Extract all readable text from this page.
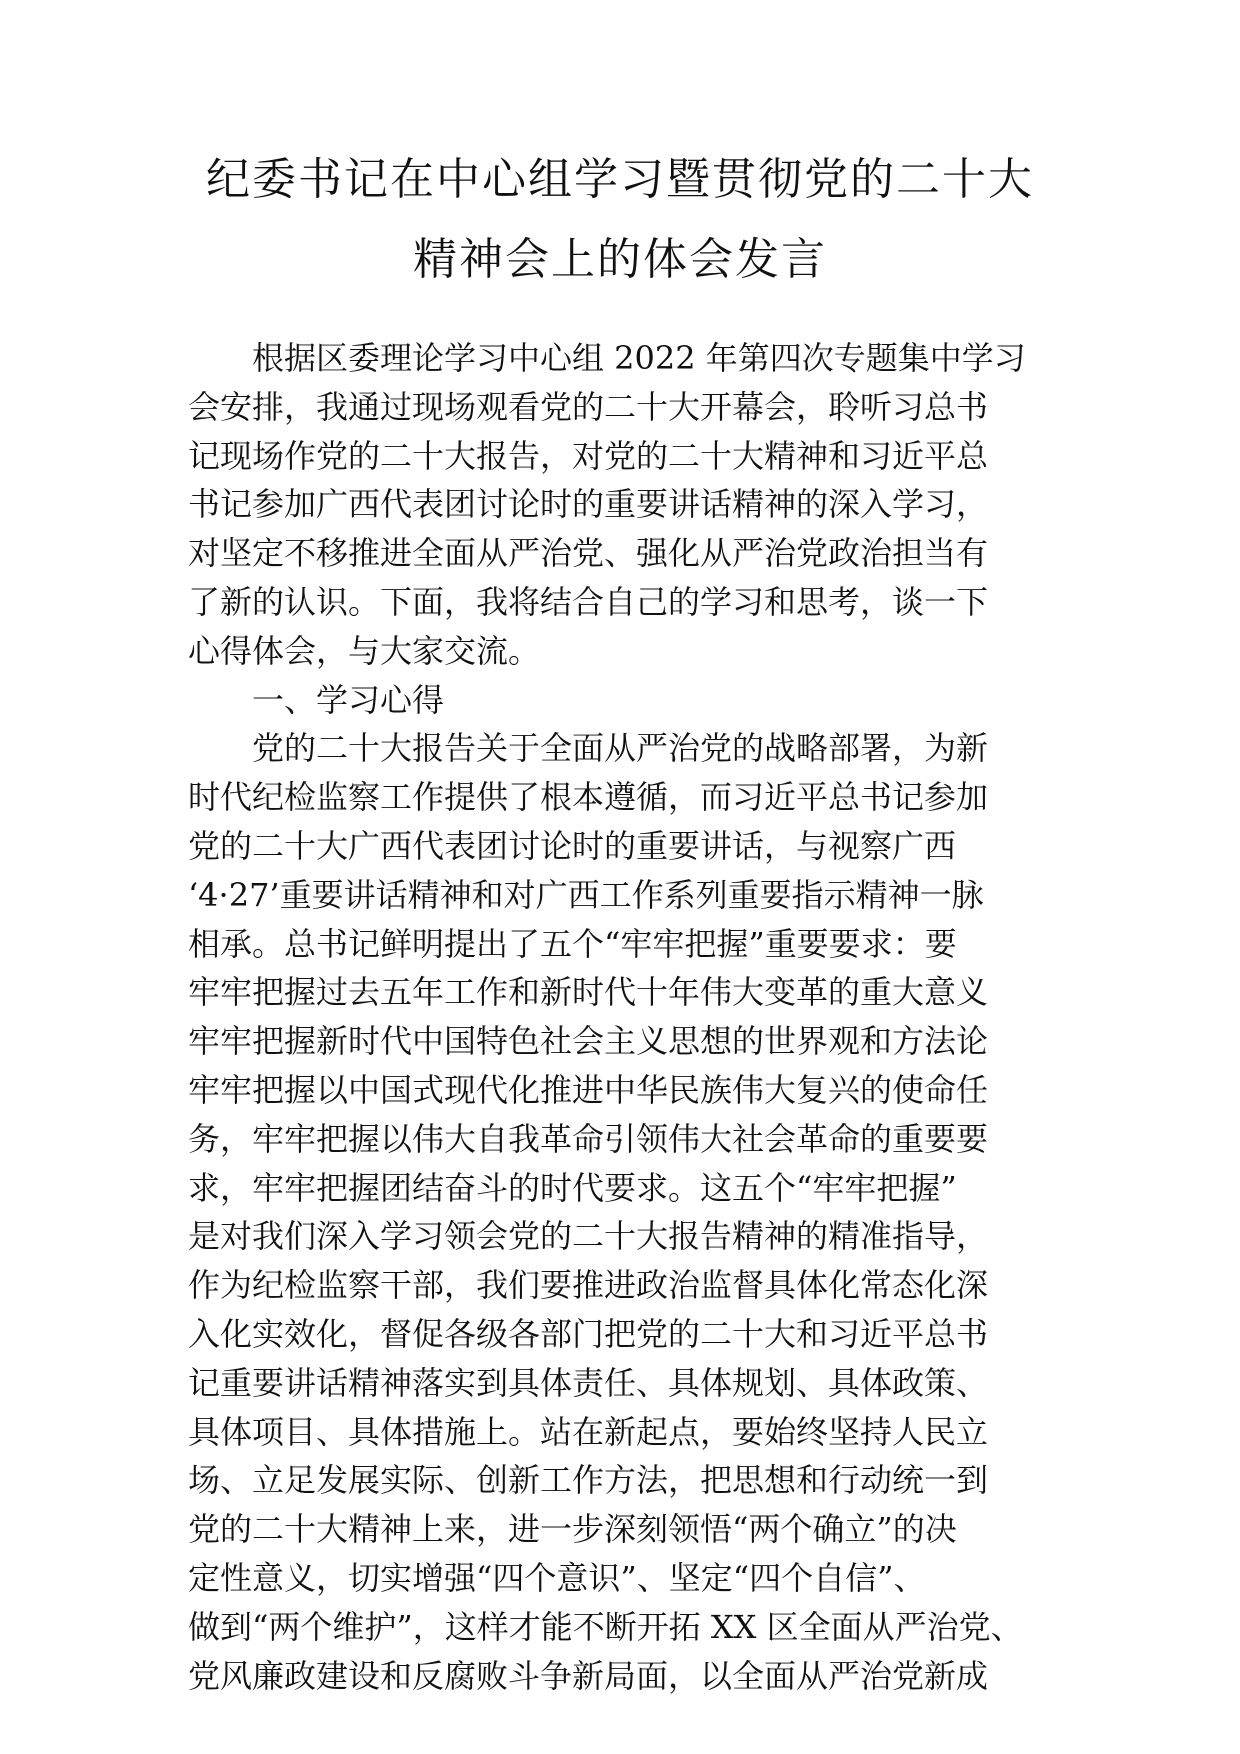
纪委书记在中心组学习暨贯彻党的二十大
精神会上的体会发言
根据区委理论学习中心组 2022 年第四次专题集中学习
会安排，我通过现场观看党的二十大开幕会，聆听习总书
记现场作党的二十大报告，对党的二十大精神和习近平总
书记参加广西代表团讨论时的重要讲话精神的深入学习，
对坚定不移推进全面从严治党、强化从严治党政治担当有
了新的认识。下面，我将结合自己的学习和思考，谈一下
心得体会，与大家交流。
一、学习心得
党的二十大报告关于全面从严治党的战略部署，为新
时代纪检监察工作提供了根本遵循，而习近平总书记参加
党的二十大广西代表团讨论时的重要讲话，与视察广西
‘4·27’重要讲话精神和对广西工作系列重要指示精神一脉
相承。总书记鲜明提出了五个“牢牢把握”重要要求：要
牢牢把握过去五年工作和新时代十年伟大变革的重大意义
牢牢把握新时代中国特色社会主义思想的世界观和方法论
牢牢把握以中国式现代化推进中华民族伟大复兴的使命任
务，牢牢把握以伟大自我革命引领伟大社会革命的重要要
求，牢牢把握团结奋斗的时代要求。这五个“牢牢把握”
是对我们深入学习领会党的二十大报告精神的精准指导，
作为纪检监察干部，我们要推进政治监督具体化常态化深
入化实效化，督促各级各部门把党的二十大和习近平总书
记重要讲话精神落实到具体责任、具体规划、具体政策、
具体项目、具体措施上。站在新起点，要始终坚持人民立
场、立足发展实际、创新工作方法，把思想和行动统一到
党的二十大精神上来，进一步深刻领悟“两个确立”的决
定性意义，切实增强“四个意识”、坚定“四个自信”、
做到“两个维护”，这样才能不断开拓 XX 区全面从严治党、
党风廉政建设和反腐败斗争新局面，以全面从严治党新成
